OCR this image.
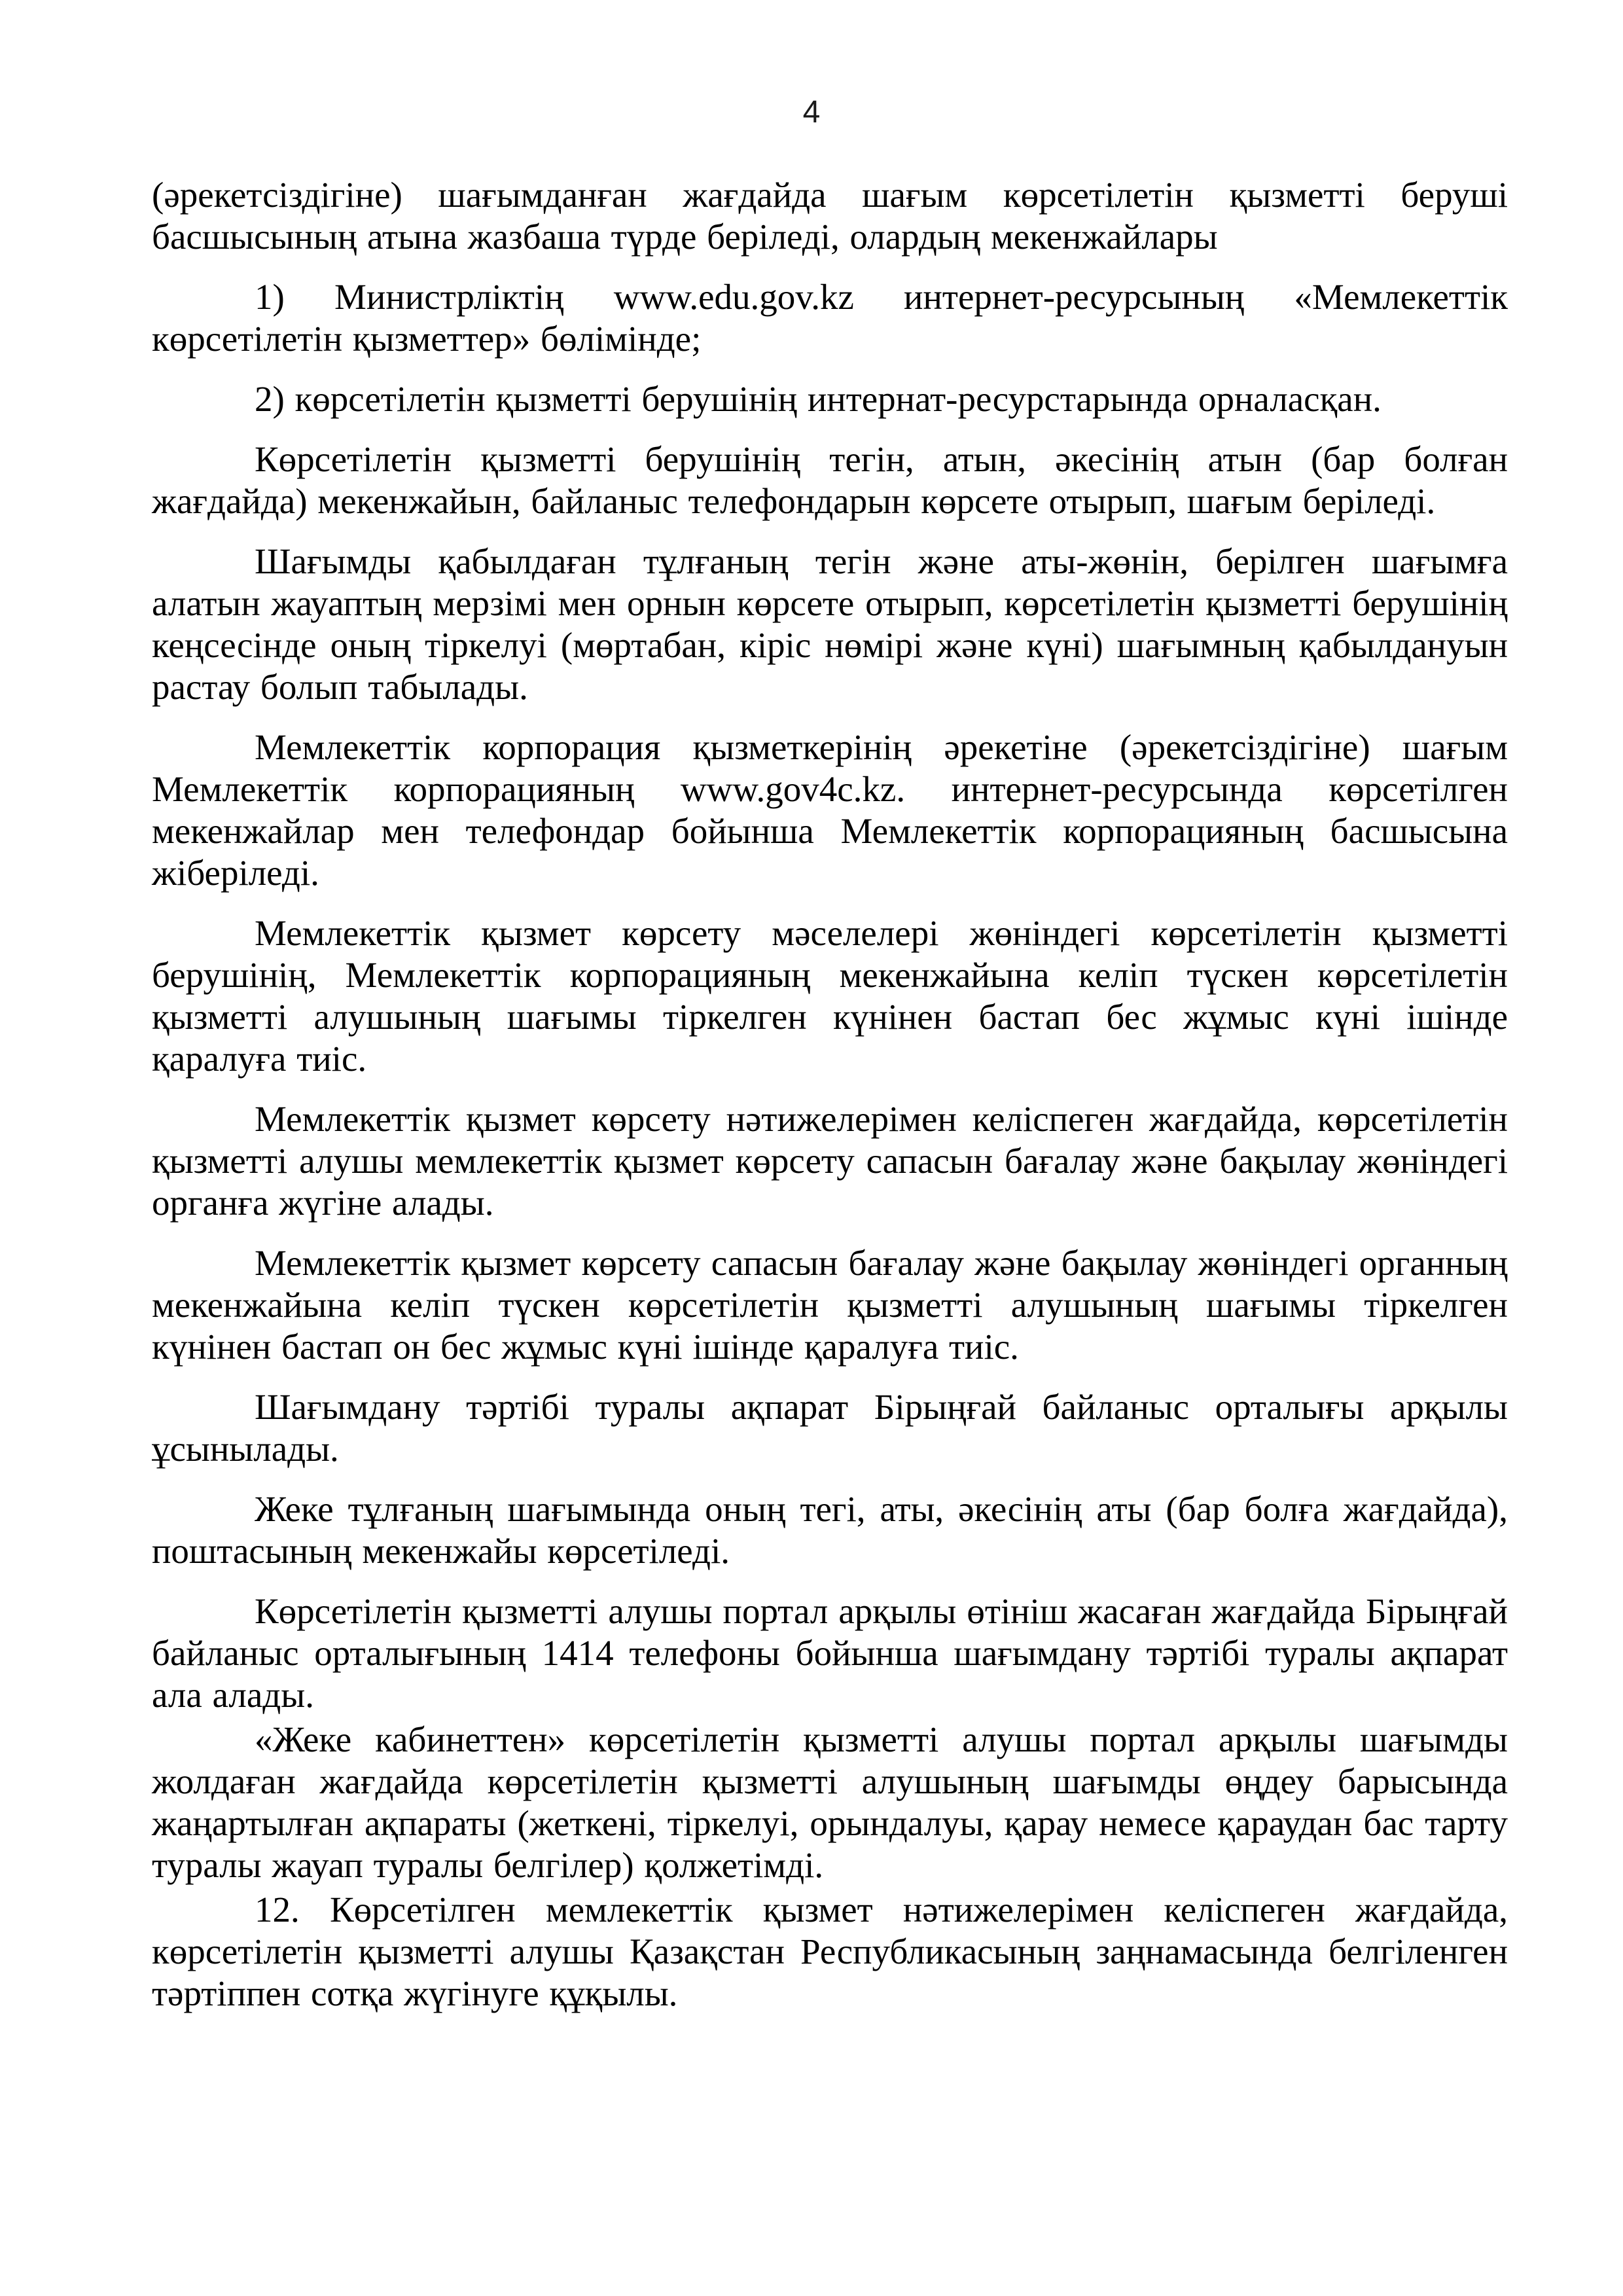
4

(әрекетсіздігіне) шағымданған жағдайда шағым көрсетілетін қызметті беруші басшысының атына жазбаша түрде беріледі, олардың мекенжайлары

1) Министрліктің www.edu.gov.kz интернет-ресурсының «Мемлекеттік көрсетілетін қызметтер» бөлімінде;

2) көрсетілетін қызметті берушінің интернат-ресурстарында орналасқан.

Көрсетілетін қызметті берушінің тегін, атын, әкесінің атын (бар болған жағдайда) мекенжайын, байланыс телефондарын көрсете отырып, шағым беріледі.

Шағымды қабылдаған тұлғаның тегін және аты-жөнін, берілген шағымға алатын жауаптың мерзімі мен орнын көрсете отырып, көрсетілетін қызметті берушінің кеңсесінде оның тіркелуі (мөртабан, кіріс нөмірі және күні) шағымның қабылдануын растау болып табылады.

Мемлекеттік корпорация қызметкерінің әрекетіне (әрекетсіздігіне) шағым Мемлекеттік корпорацияның www.gov4c.kz. интернет-ресурсында көрсетілген мекенжайлар мен телефондар бойынша Мемлекеттік корпорацияның басшысына жіберіледі.

Мемлекеттік қызмет көрсету мәселелері жөніндегі көрсетілетін қызметті берушінің, Мемлекеттік корпорацияның мекенжайына келіп түскен көрсетілетін қызметті алушының шағымы тіркелген күнінен бастап бес жұмыс күні ішінде қаралуға тиіс.

Мемлекеттік қызмет көрсету нәтижелерімен келіспеген жағдайда, көрсетілетін қызметті алушы мемлекеттік қызмет көрсету сапасын бағалау және бақылау жөніндегі органға жүгіне алады.

Мемлекеттік қызмет көрсету сапасын бағалау және бақылау жөніндегі органның мекенжайына келіп түскен көрсетілетін қызметті алушының шағымы тіркелген күнінен бастап он бес жұмыс күні ішінде қаралуға тиіс.

Шағымдану тәртібі туралы ақпарат Бірыңғай байланыс орталығы арқылы ұсынылады.

Жеке тұлғаның шағымында оның тегі, аты, әкесінің аты (бар болға жағдайда), поштасының мекенжайы көрсетіледі.

Көрсетілетін қызметті алушы портал арқылы өтініш жасаған жағдайда Бірыңғай байланыс орталығының 1414 телефоны бойынша шағымдану тәртібі туралы ақпарат ала алады.

«Жеке кабинеттен» көрсетілетін қызметті алушы портал арқылы шағымды жолдаған жағдайда көрсетілетін қызметті алушының шағымды өңдеу барысында жаңартылған ақпараты (жеткені, тіркелуі, орындалуы, қарау немесе қараудан бас тарту туралы жауап туралы белгілер) қолжетімді.

12. Көрсетілген мемлекеттік қызмет нәтижелерімен келіспеген жағдайда, көрсетілетін қызметті алушы Қазақстан Республикасының заңнамасында белгіленген тәртіппен сотқа жүгінуге құқылы.
